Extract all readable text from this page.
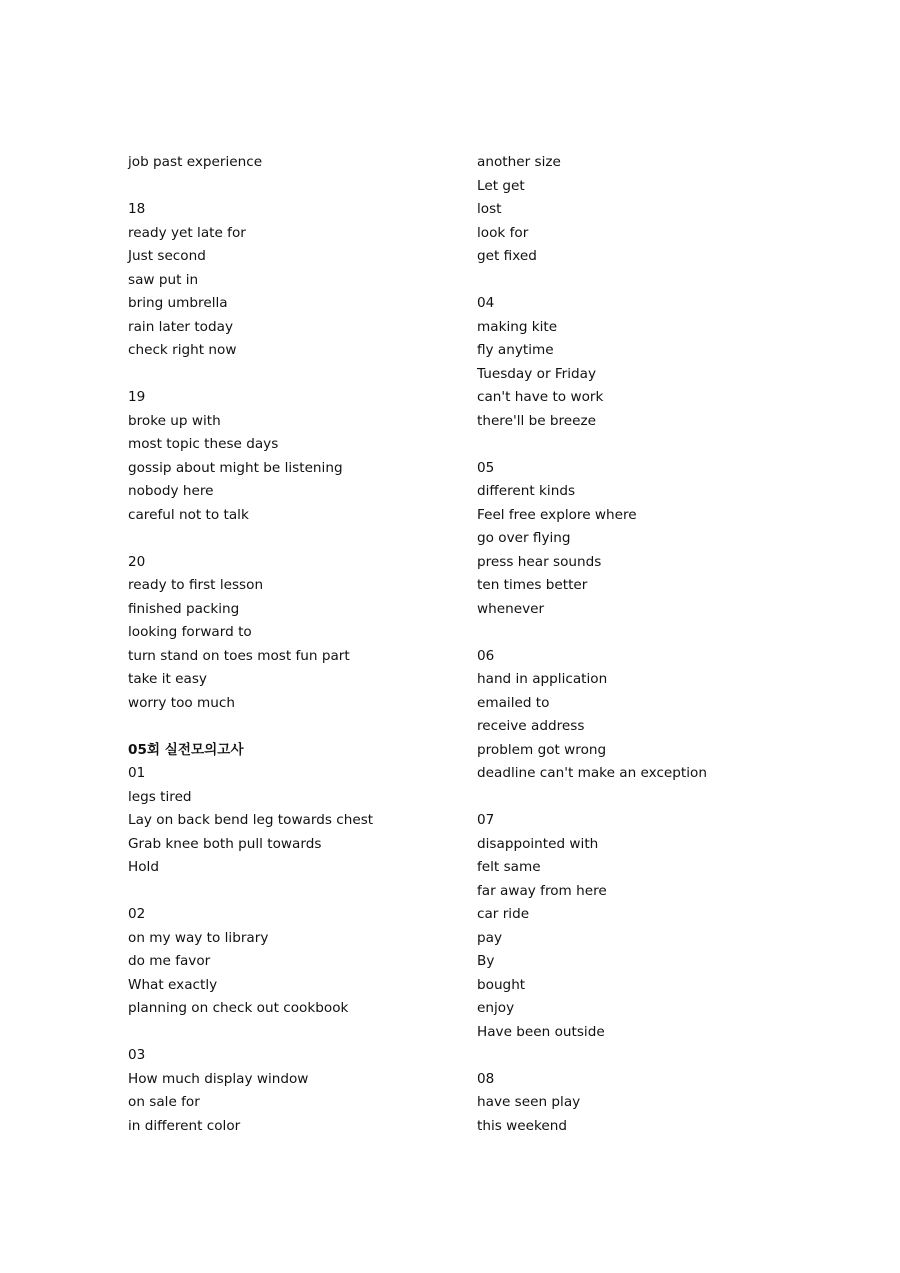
job past experience
18
ready yet late for
Just second
saw put in
bring umbrella
rain later today
check right now
19
broke up with
most topic these days
gossip about might be listening
nobody here
careful not to talk
20
ready to first lesson
finished packing
looking forward to
turn stand on toes most fun part
take it easy
worry too much
05회 실전모의고사
01
legs tired
Lay on back bend leg towards chest
Grab knee both pull towards
Hold
02
on my way to library
do me favor
What exactly
planning on check out cookbook
03
How much display window
on sale for
in different color
another size
Let get
lost
look for
get fixed
04
making kite
fly anytime
Tuesday or Friday
can't have to work
there'll be breeze
05
different kinds
Feel free explore where
go over flying
press hear sounds
ten times better
whenever
06
hand in application
emailed to
receive address
problem got wrong
deadline can't make an exception
07
disappointed with
felt same
far away from here
car ride
pay
By
bought
enjoy
Have been outside
08
have seen play
this weekend
